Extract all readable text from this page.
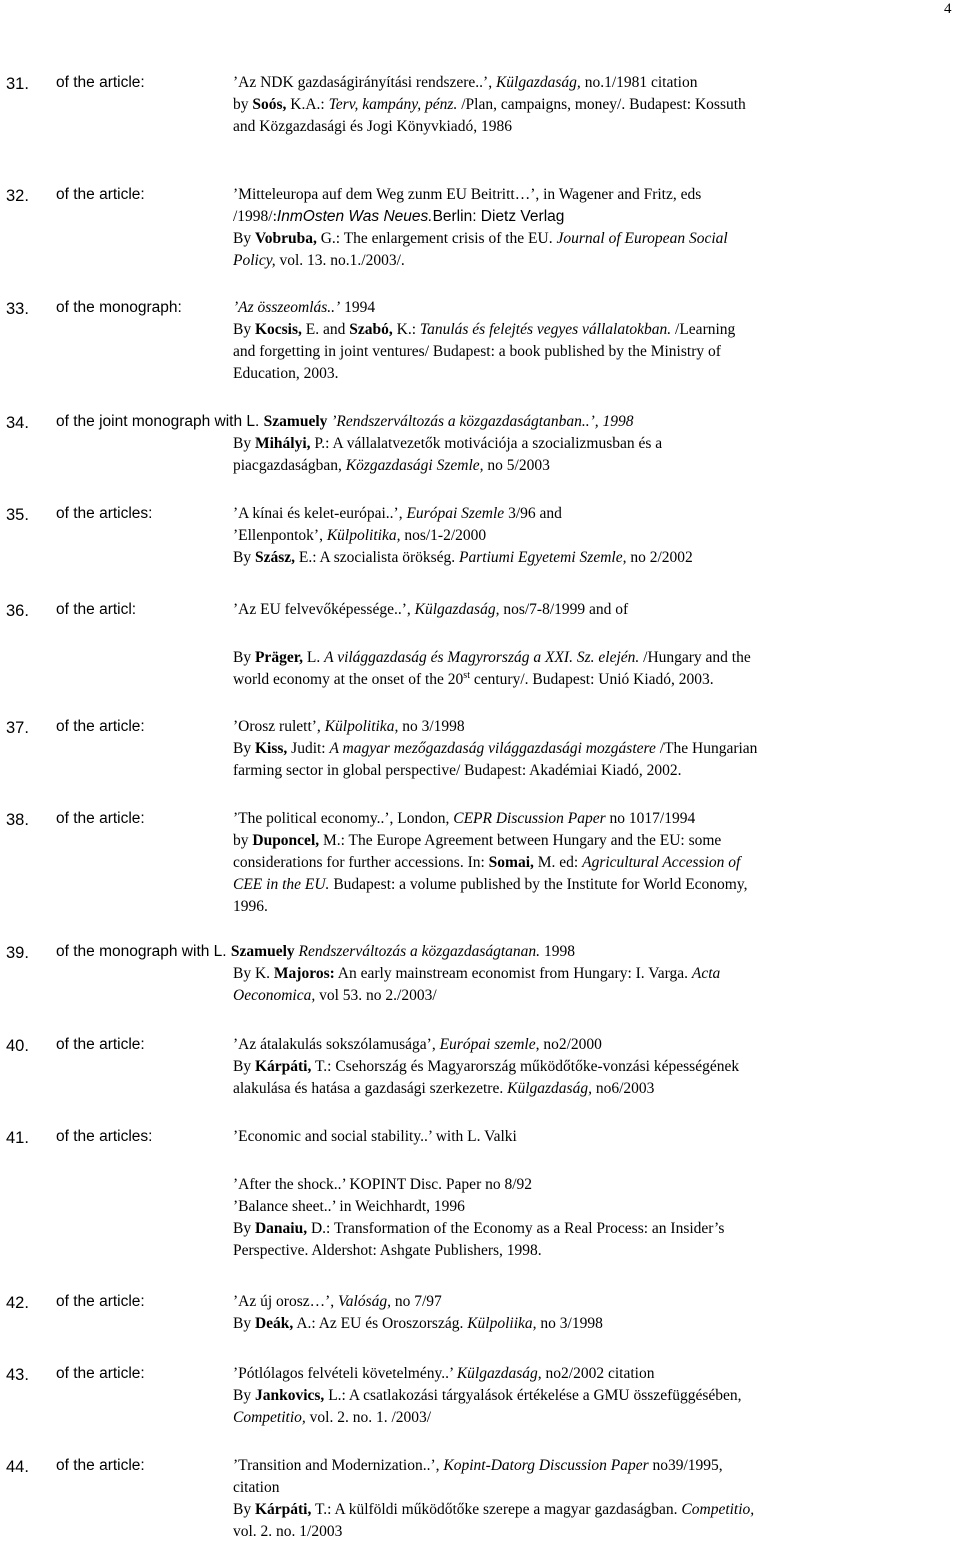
4
31. of the article:	’Az NDK gazdaságirányítási rendszere..’, Külgazdaság, no.1/1981 citation
by Soós, K.A.: Terv, kampány, pénz. /Plan, campaigns, money/. Budapest: Kossuth
and Közgazdasági és Jogi Könyvkiadó, 1986
32. of the article:	’Mitteleuropa auf dem Weg zunm EU Beitritt…’, in Wagener and Fritz, eds
/1998/:InmOsten Was Neues.Berlin: Dietz Verlag
By Vobruba, G.: The enlargement crisis of the EU. Journal of European Social
Policy, vol. 13. no.1./2003/.
33. of the monograph:	’Az összeomlás..’ 1994
By Kocsis, E. and Szabó, K.: Tanulás és felejtés vegyes vállalatokban. /Learning
and forgetting in joint ventures/ Budapest: a book published by the Ministry of
Education, 2003.
34. of the joint monograph with L. Szamuely ’Rendszerváltozás a közgazdaságtanban..’, 1998

By Mihályi, P.: A vállalatvezetők motivációja a szocializmusban és a
piacgazdaságban, Közgazdasági Szemle, no 5/2003
35. of the articles:	’A kínai és kelet-európai..’, Európai Szemle 3/96 and
’Ellenpontok’, Külpolitika, nos/1-2/2000
By Szász, E.: A szocialista örökség. Partiumi Egyetemi Szemle, no 2/2002
36. of the articl:	’Az EU felvevőképessége..’, Külgazdaság, nos/7-8/1999 and of
By Präger, L. A világgazdaság és Magyrország a XXI. Sz. elején. /Hungary and the
world economy at the onset of the 20st century/. Budapest: Unió Kiadó, 2003.
37. of the article:	’Orosz rulett’, Külpolitika, no 3/1998
By Kiss, Judit: A magyar mezőgazdaság világgazdasági mozgástere /The Hungarian
farming sector in global perspective/ Budapest: Akadémiai Kiadó, 2002.
38. of the article:	’The political economy..’, London, CEPR Discussion Paper no 1017/1994
by Duponcel, M.: The Europe Agreement between Hungary and the EU: some
considerations for further accessions. In: Somai, M. ed: Agricultural Accession of
CEE in the EU. Budapest: a volume published by the Institute for World Economy,
1996.
39. of the monograph with L. Szamuely Rendszerváltozás a közgazdaságtanan. 1998

By K. Majoros: An early mainstream economist from Hungary: I. Varga. Acta
Oeconomica, vol 53. no 2./2003/
40. of the article:	’Az átalakulás sokszólamusága’, Európai szemle, no2/2000
By Kárpáti, T.: Csehország és Magyarország működőtőke-vonzási képességének
alakulása és hatása a gazdasági szerkezetre. Külgazdaság, no6/2003
41. of the articles:	’Economic and social stability..’ with L. Valki
’After the shock..’ KOPINT Disc. Paper no 8/92
’Balance sheet..’ in Weichhardt, 1996
By Danaiu, D.: Transformation of the Economy as a Real Process: an Insider’s
Perspective. Aldershot: Ashgate Publishers, 1998.
42. of the article:	’Az új orosz…’, Valóság, no 7/97
By Deák, A.: Az EU és Oroszország. Külpoliika, no 3/1998
43. of the article:	’Pótlólagos felvételi követelmény..’ Külgazdaság, no2/2002 citation
By Jankovics, L.: A csatlakozási tárgyalások értékelése a GMU összefüggésében,
Competitio, vol. 2. no. 1. /2003/
44. of the article:	’Transition and Modernization..’, Kopint-Datorg Discussion Paper no39/1995,
citation
By Kárpáti, T.: A külföldi működőtőke szerepe a magyar gazdaságban. Competitio,
vol. 2. no. 1/2003
